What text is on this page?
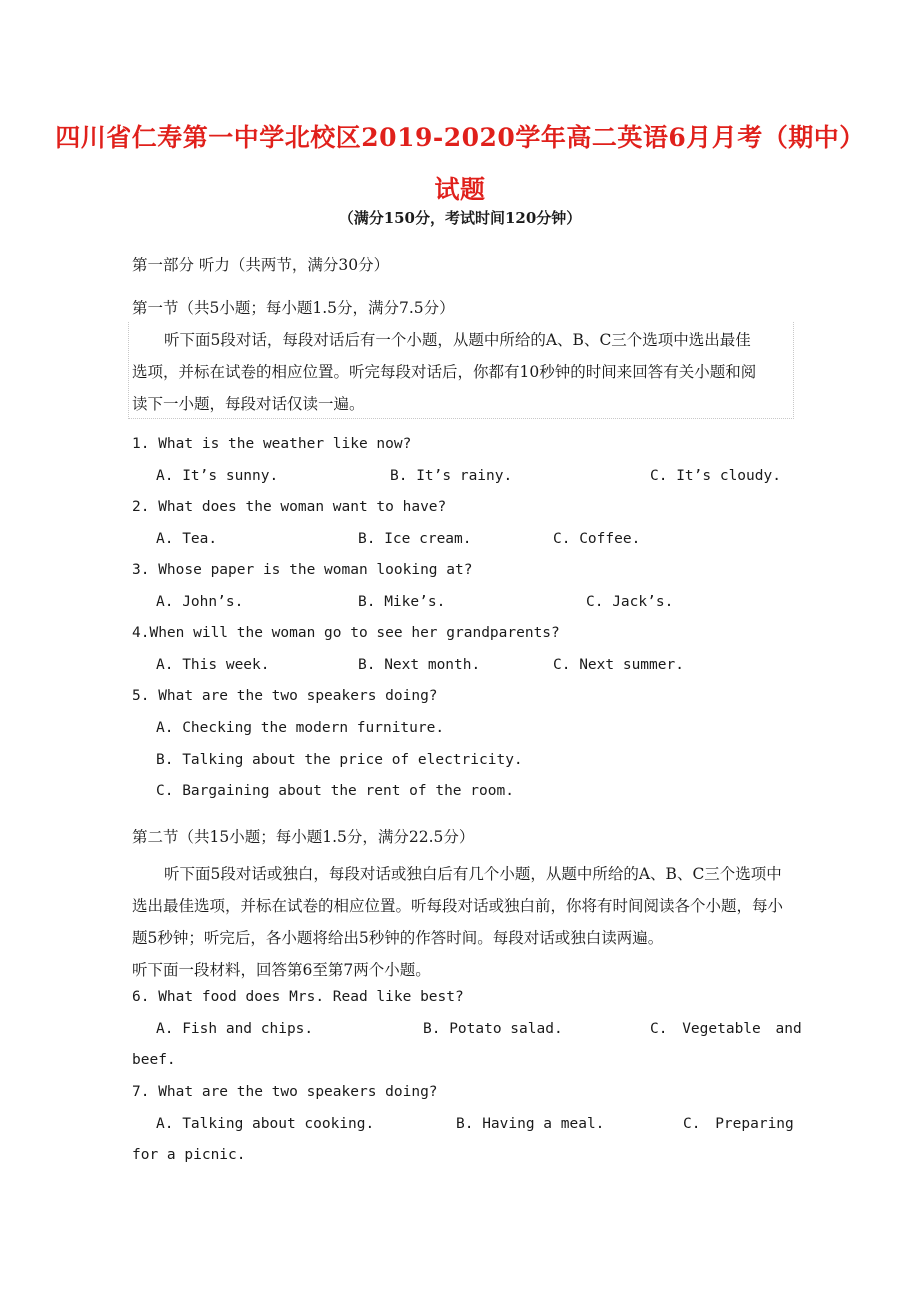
四川省仁寿第一中学北校区2019-2020学年高二英语6月月考（期中）
试题
（满分150分，考试时间120分钟）
第一部分 听力（共两节，满分30分）
第一节（共5小题；每小题1.5分，满分7.5分）
听下面5段对话，每段对话后有一个小题，从题中所给的A、B、C三个选项中选出最佳
选项，并标在试卷的相应位置。听完每段对话后，你都有10秒钟的时间来回答有关小题和阅
读下一小题，每段对话仅读一遍。
1. What is the weather like now?
A. It’s sunny.	B. It’s rainy.	C. It’s cloudy.
2. What does the woman want to have?
A. Tea.	B. Ice cream.	C. Coffee.
3. Whose paper is the woman looking at?
A. John’s.	B. Mike’s.	C. Jack’s.
4.When will the woman go to see her grandparents?
A. This week.	B. Next month.	C. Next summer.
5. What are the two speakers doing?
A. Checking the modern furniture.
B. Talking about the price of electricity.
C. Bargaining about the rent of the room.
第二节（共15小题；每小题1.5分，满分22.5分）
听下面5段对话或独白，每段对话或独白后有几个小题，从题中所给的A、B、C三个选项中
选出最佳选项，并标在试卷的相应位置。听每段对话或独白前，你将有时间阅读各个小题，每小
题5秒钟；听完后，各小题将给出5秒钟的作答时间。每段对话或独白读两遍。
听下面一段材料，回答第6至第7两个小题。
6. What food does Mrs. Read like best?
A. Fish and chips.	B. Potato salad.	C. Vegetable and
beef.
7. What are the two speakers doing?
A. Talking about cooking.	B. Having a meal.	C. Preparing
for a picnic.
